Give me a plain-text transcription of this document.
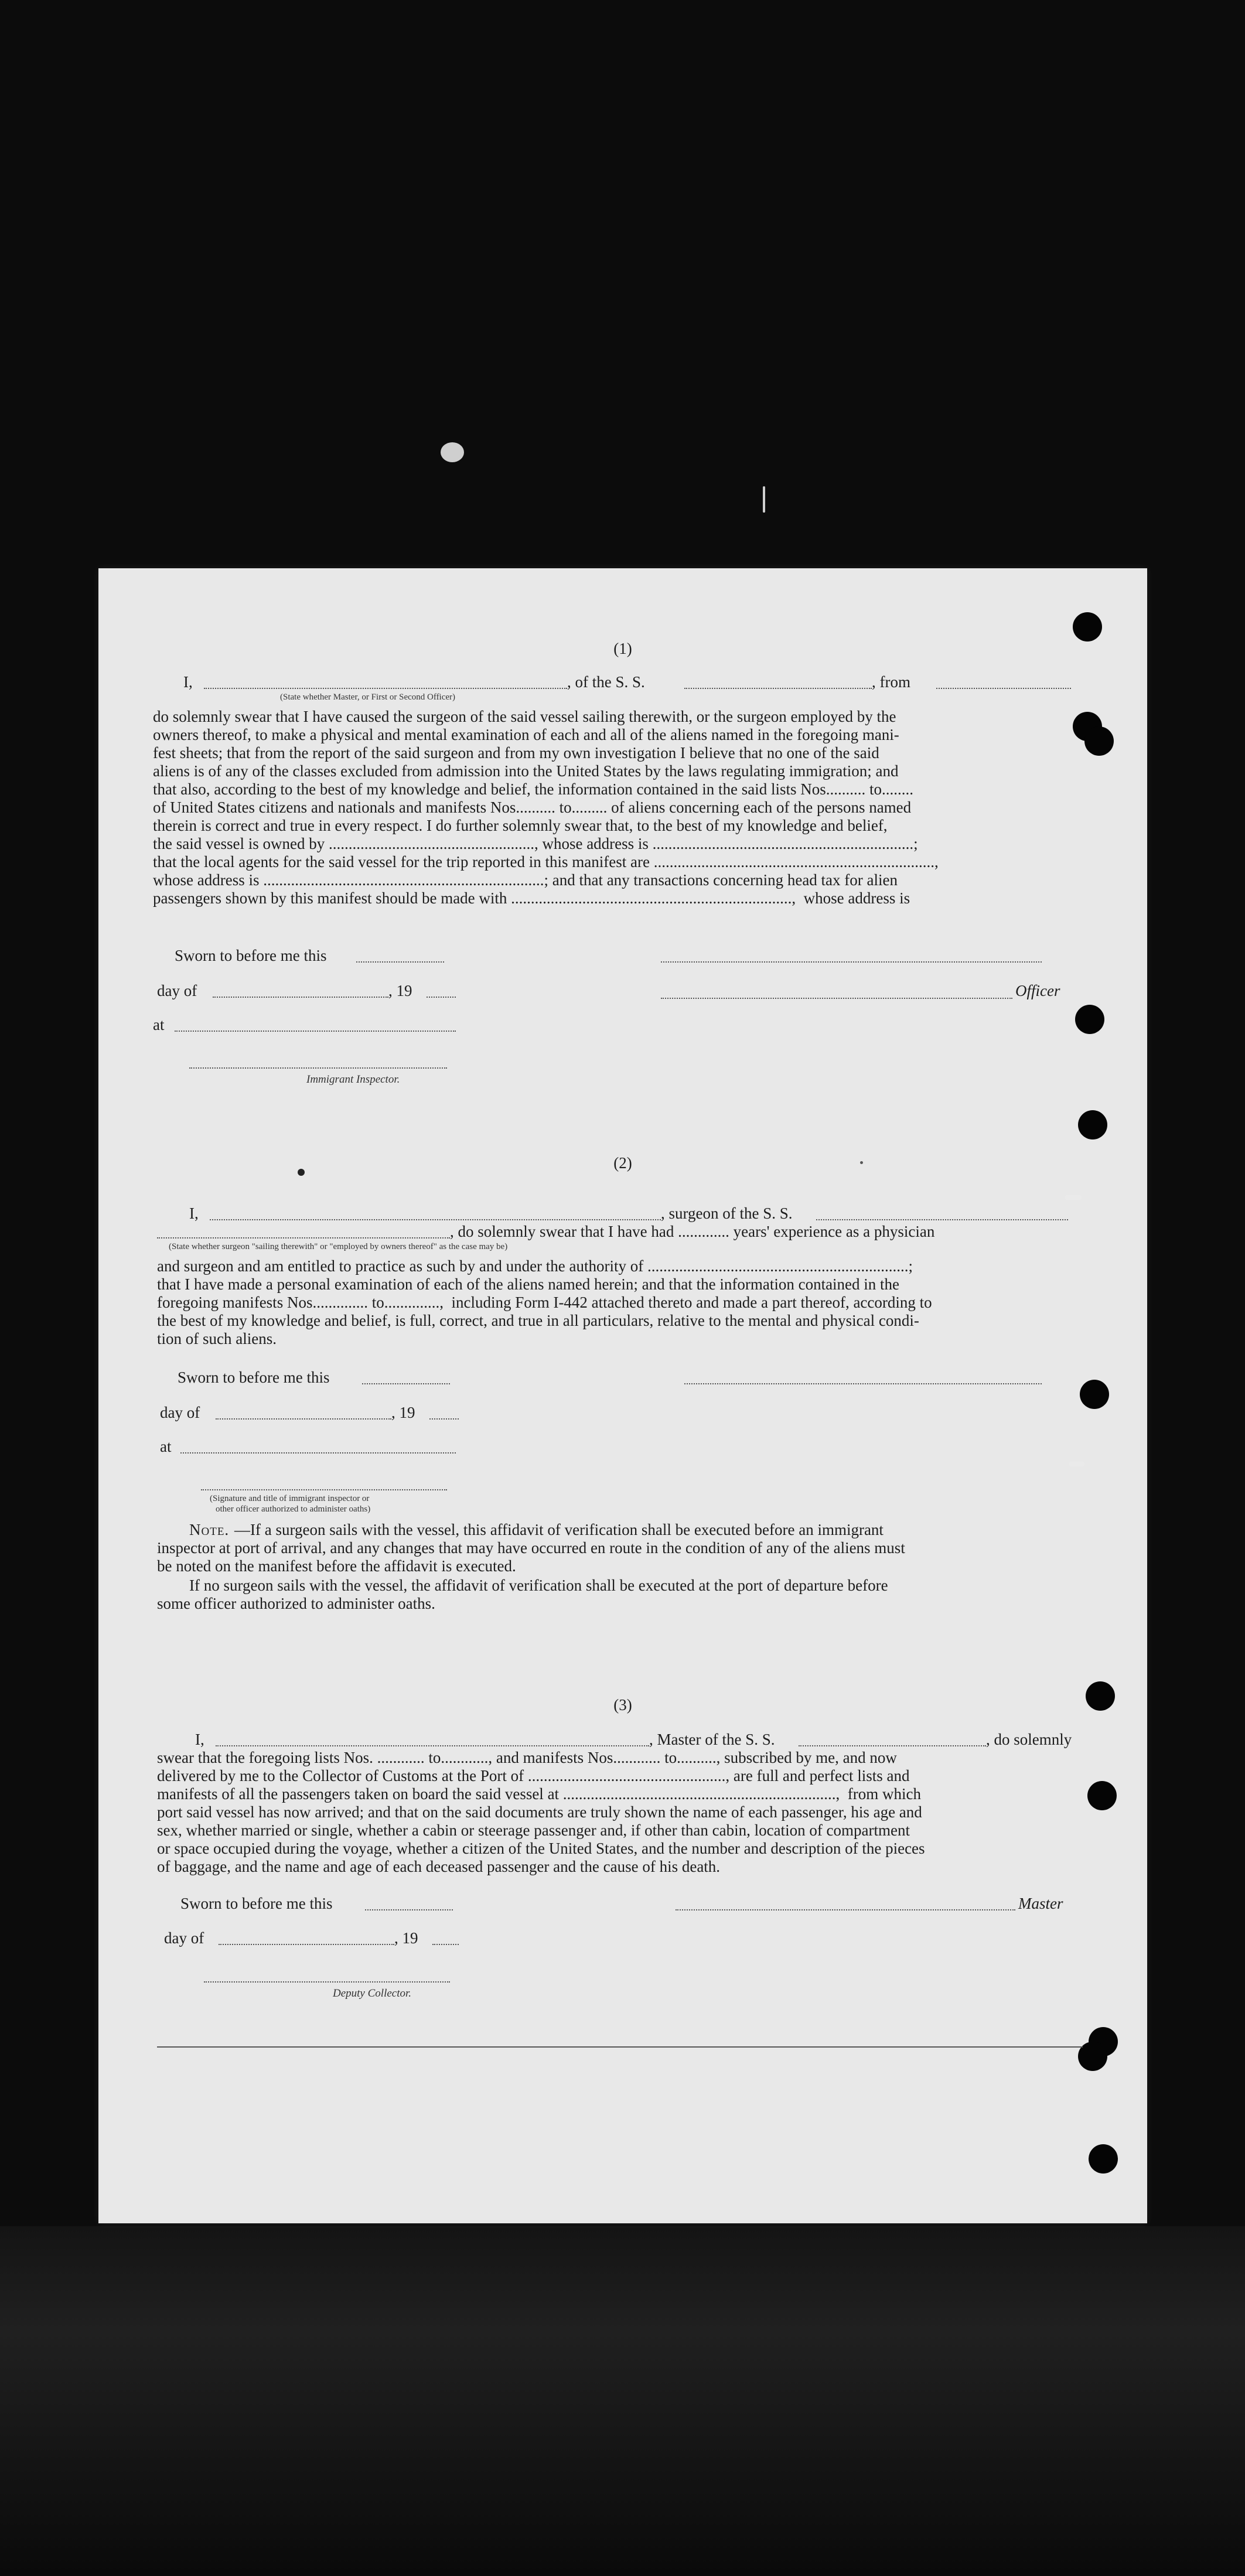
(1)
I,	, of the S. S.	, from
(State whether Master, or First or Second Officer)
do solemnly swear that I have caused the surgeon of the said vessel sailing therewith, or the surgeon employed by the
owners thereof, to make a physical and mental examination of each and all of the aliens named in the foregoing mani-
fest sheets; that from the report of the said surgeon and from my own investigation I believe that no one of the said
aliens is of any of the classes excluded from admission into the United States by the laws regulating immigration; and
that also, according to the best of my knowledge and belief, the information contained in the said lists Nos.......... to........
of United States citizens and nationals and manifests Nos.......... to......... of aliens concerning each of the persons named
therein is correct and true in every respect. I do further solemnly swear that, to the best of my knowledge and belief,
the said vessel is owned by ...................................................., whose address is ..................................................................;
that the local agents for the said vessel for the trip reported in this manifest are .......................................................................,
whose address is .......................................................................; and that any transactions concerning head tax for alien
passengers shown by this manifest should be made with .......................................................................,  whose address is
Sworn to before me this
day of	, 19	Officer
at
Immigrant Inspector.
(2)
I,	, surgeon of the S. S.
, do solemnly swear that I have had ............. years' experience as a physician
(State whether surgeon "sailing therewith" or "employed by owners thereof" as the case may be)
and surgeon and am entitled to practice as such by and under the authority of ..................................................................;
that I have made a personal examination of each of the aliens named herein; and that the information contained in the
foregoing manifests Nos.............. to..............,  including Form I-442 attached thereto and made a part thereof, according to
the best of my knowledge and belief, is full, correct, and true in all particulars, relative to the mental and physical condi-
tion of such aliens.
Sworn to before me this
day of	, 19
at
(Signature and title of immigrant inspector or
other officer authorized to administer oaths)
Note. —If a surgeon sails with the vessel, this affidavit of verification shall be executed before an immigrant
inspector at port of arrival, and any changes that may have occurred en route in the condition of any of the aliens must
be noted on the manifest before the affidavit is executed.
If no surgeon sails with the vessel, the affidavit of verification shall be executed at the port of departure before
some officer authorized to administer oaths.
(3)
I,	, Master of the S. S.	, do solemnly
swear that the foregoing lists Nos. ............ to............, and manifests Nos............ to.........., subscribed by me, and now
delivered by me to the Collector of Customs at the Port of .................................................., are full and perfect lists and
manifests of all the passengers taken on board the said vessel at .....................................................................,  from which
port said vessel has now arrived; and that on the said documents are truly shown the name of each passenger, his age and
sex, whether married or single, whether a cabin or steerage passenger and, if other than cabin, location of compartment
or space occupied during the voyage, whether a citizen of the United States, and the number and description of the pieces
of baggage, and the name and age of each deceased passenger and the cause of his death.
Sworn to before me this	Master
day of	, 19
Deputy Collector.
